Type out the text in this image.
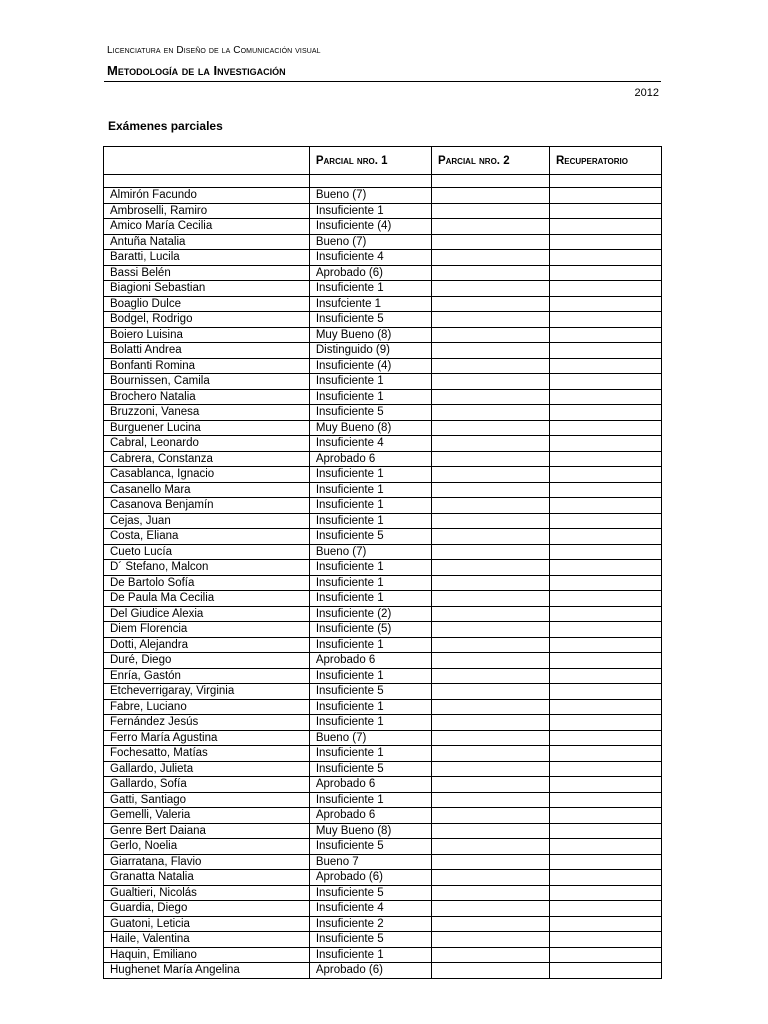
Licenciatura en Diseño de la Comunicación visual
Metodología de la Investigación
2012
Exámenes parciales
	Parcial nro. 1	Parcial nro. 2	Recuperatorio

Almirón Facundo	Bueno (7)		
Ambroselli, Ramiro	Insuficiente 1		
Amico María Cecilia	Insuficiente (4)		
Antuña Natalia	Bueno (7)		
Baratti, Lucila	Insuficiente 4		
Bassi Belén	Aprobado (6)		
Biagioni Sebastian	Insuficiente 1		
Boaglio Dulce	Insufciente 1		
Bodgel, Rodrigo	Insuficiente 5		
Boiero Luisina	Muy Bueno (8)		
Bolatti Andrea	Distinguido (9)		
Bonfanti Romina	Insuficiente (4)		
Bournissen, Camila	Insuficiente 1		
Brochero Natalia	Insuficiente 1		
Bruzzoni, Vanesa	Insuficiente 5		
Burguener Lucina	Muy Bueno (8)		
Cabral, Leonardo	Insuficiente 4		
Cabrera, Constanza	Aprobado 6		
Casablanca, Ignacio	Insuficiente 1		
Casanello Mara	Insuficiente 1		
Casanova Benjamín	Insuficiente 1		
Cejas, Juan	Insuficiente 1		
Costa, Eliana	Insuficiente 5		
Cueto Lucía	Bueno (7)		
D´ Stefano, Malcon	Insuficiente 1		
De Bartolo Sofía	Insuficiente 1		
De Paula Ma Cecilia	Insuficiente 1		
Del Giudice Alexia	Insuficiente (2)		
Diem Florencia	Insuficiente (5)		
Dotti, Alejandra	Insuficiente 1		
Duré, Diego	Aprobado 6		
Enría, Gastón	Insuficiente 1		
Etcheverrigaray, Virginia	Insuficiente 5		
Fabre, Luciano	Insuficiente 1		
Fernández Jesús	Insuficiente 1		
Ferro María Agustina	Bueno (7)		
Fochesatto, Matías	Insuficiente 1		
Gallardo, Julieta	Insuficiente 5		
Gallardo, Sofía	Aprobado 6		
Gatti, Santiago	Insuficiente 1		
Gemelli, Valeria	Aprobado 6		
Genre Bert Daiana	Muy Bueno (8)		
Gerlo, Noelia	Insuficiente 5		
Giarratana, Flavio	Bueno 7		
Granatta Natalia	Aprobado (6)		
Gualtieri, Nicolás	Insuficiente 5		
Guardia, Diego	Insuficiente 4		
Guatoni, Leticia	Insuficiente 2		
Haile, Valentina	Insuficiente 5		
Haquin, Emiliano	Insuficiente 1		
Hughenet María Angelina	Aprobado (6)		
